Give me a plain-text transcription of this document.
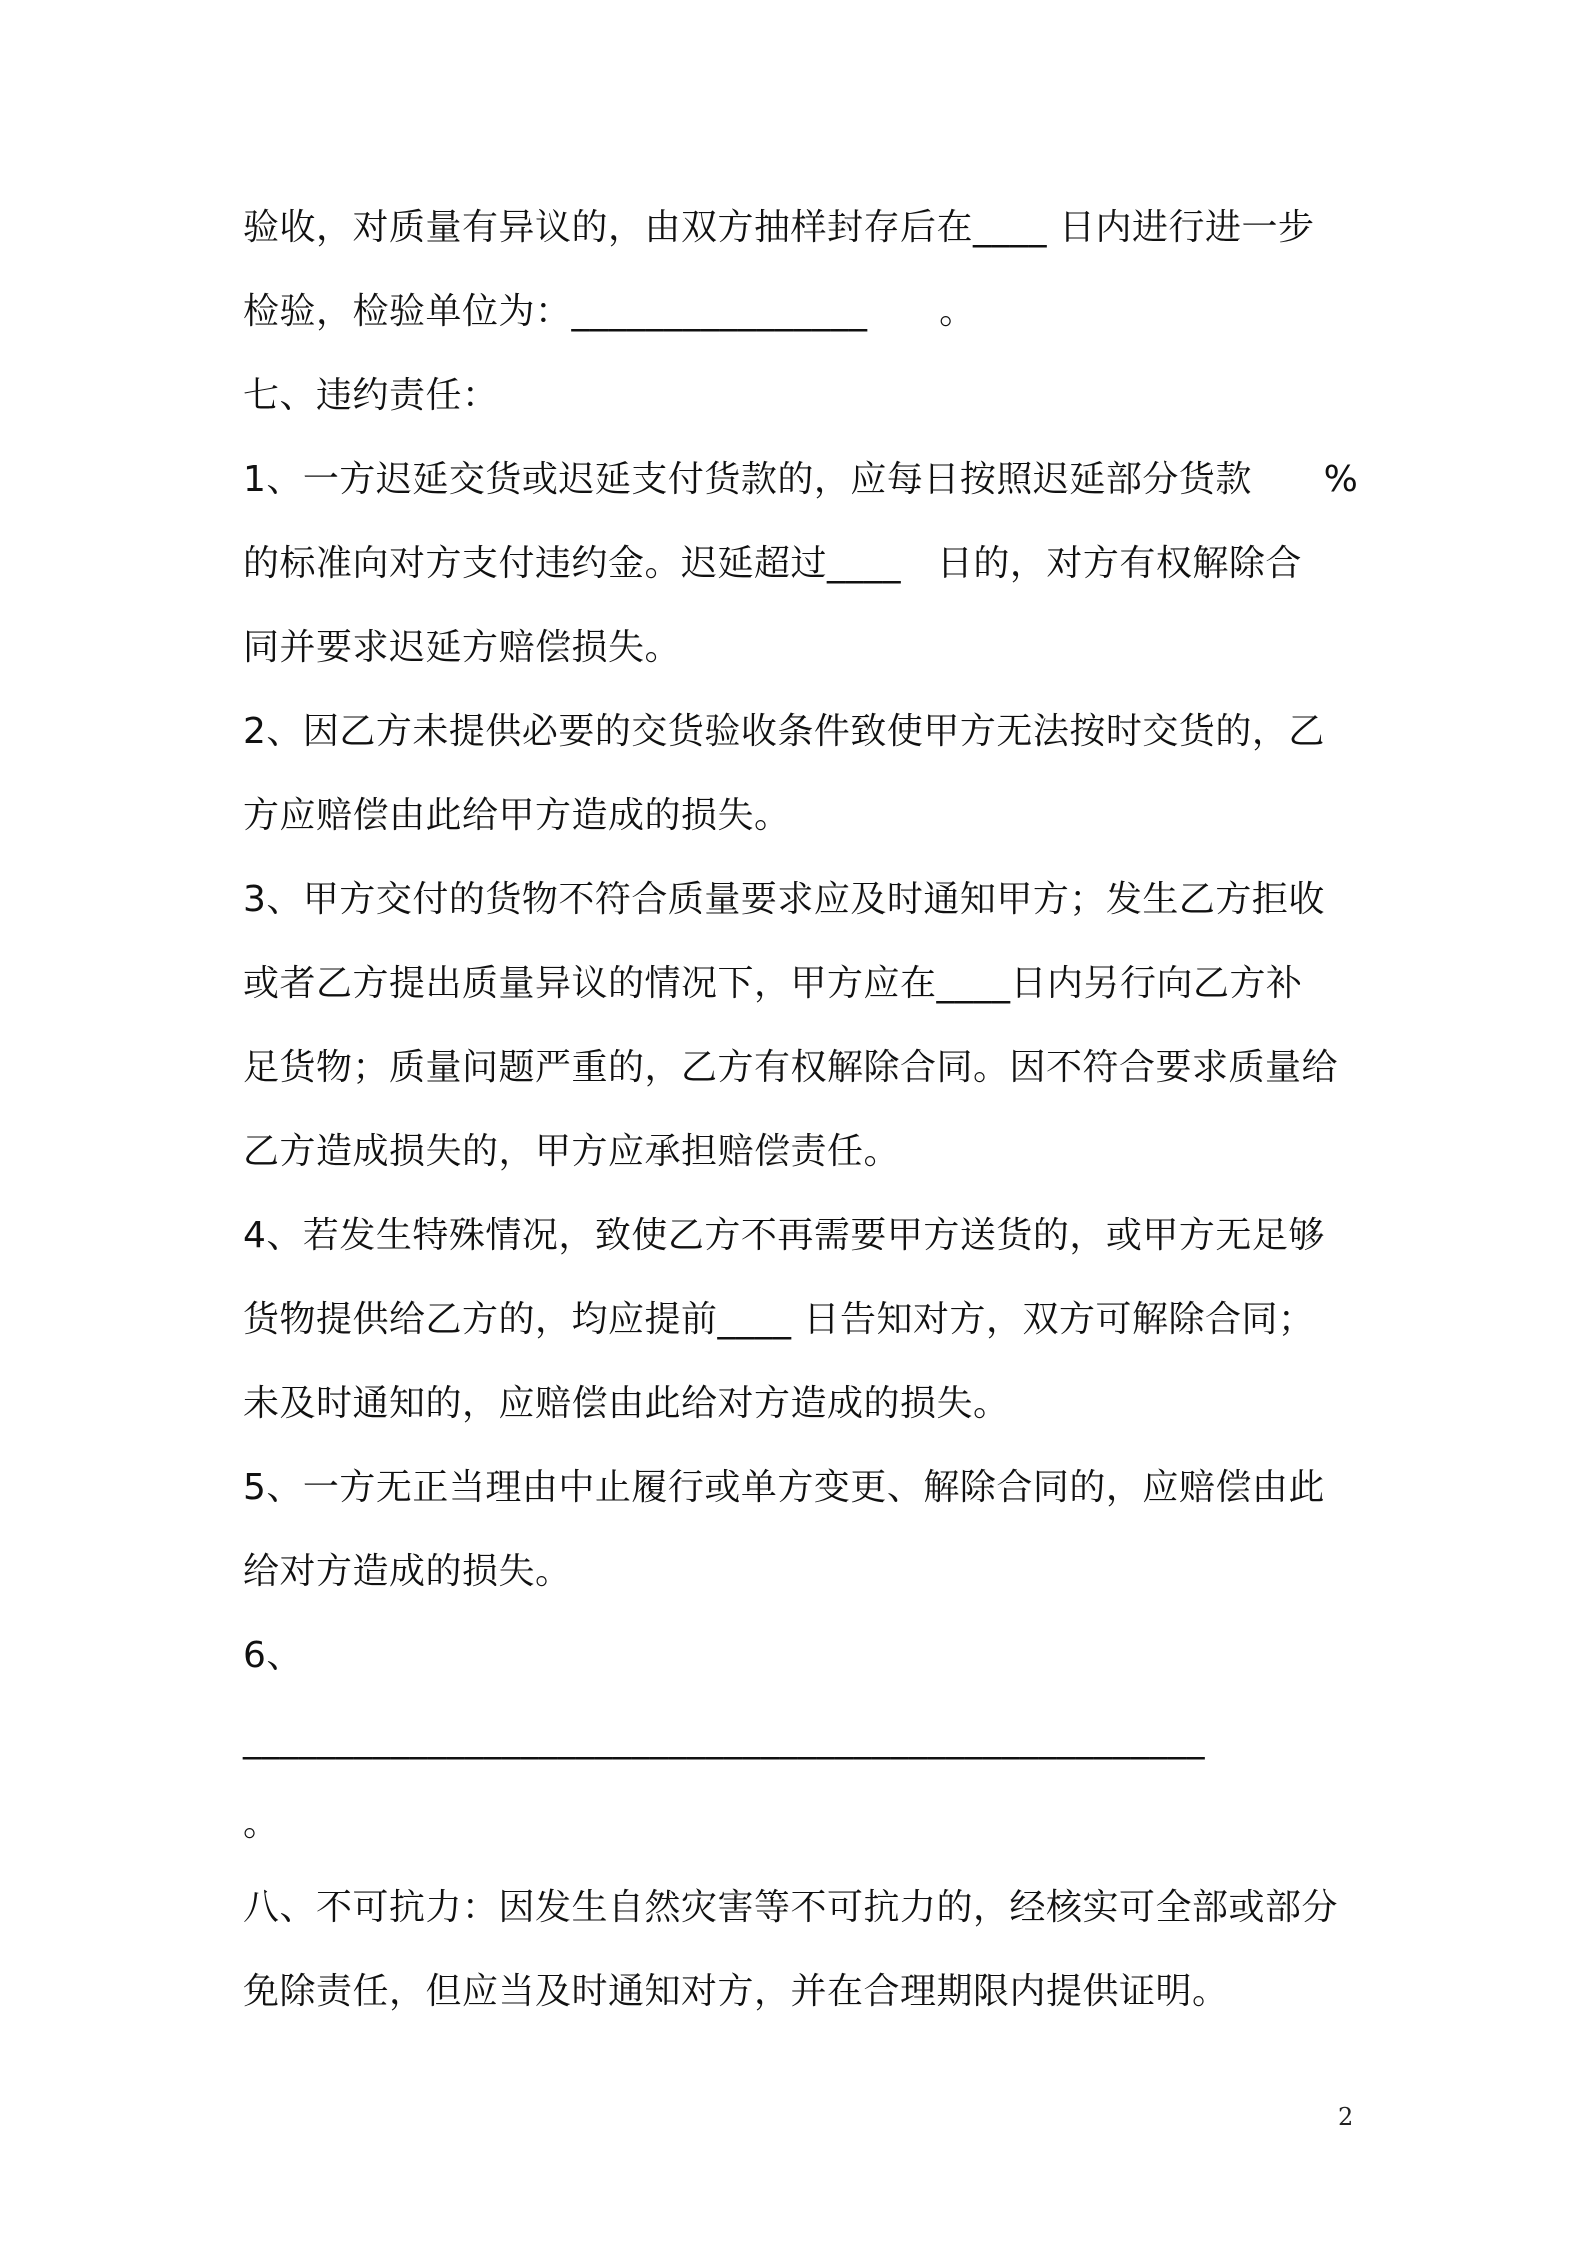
验收，对质量有异议的，由双方抽样封存后在____ 日内进行进一步
检验，检验单位为：________________      。
七、违约责任：
1、一方迟延交货或迟延支付货款的，应每日按照迟延部分货款      %
的标准向对方支付违约金。迟延超过____   日的，对方有权解除合
同并要求迟延方赔偿损失。
2、因乙方未提供必要的交货验收条件致使甲方无法按时交货的，乙
方应赔偿由此给甲方造成的损失。
3、甲方交付的货物不符合质量要求应及时通知甲方；发生乙方拒收
或者乙方提出质量异议的情况下，甲方应在____日内另行向乙方补
足货物；质量问题严重的，乙方有权解除合同。因不符合要求质量给
乙方造成损失的，甲方应承担赔偿责任。
4、若发生特殊情况，致使乙方不再需要甲方送货的，或甲方无足够
货物提供给乙方的，均应提前____ 日告知对方，双方可解除合同；
未及时通知的，应赔偿由此给对方造成的损失。
5、一方无正当理由中止履行或单方变更、解除合同的，应赔偿由此
给对方造成的损失。
6、
____________________________________________________
。
八、不可抗力：因发生自然灾害等不可抗力的，经核实可全部或部分
免除责任，但应当及时通知对方，并在合理期限内提供证明。
2
